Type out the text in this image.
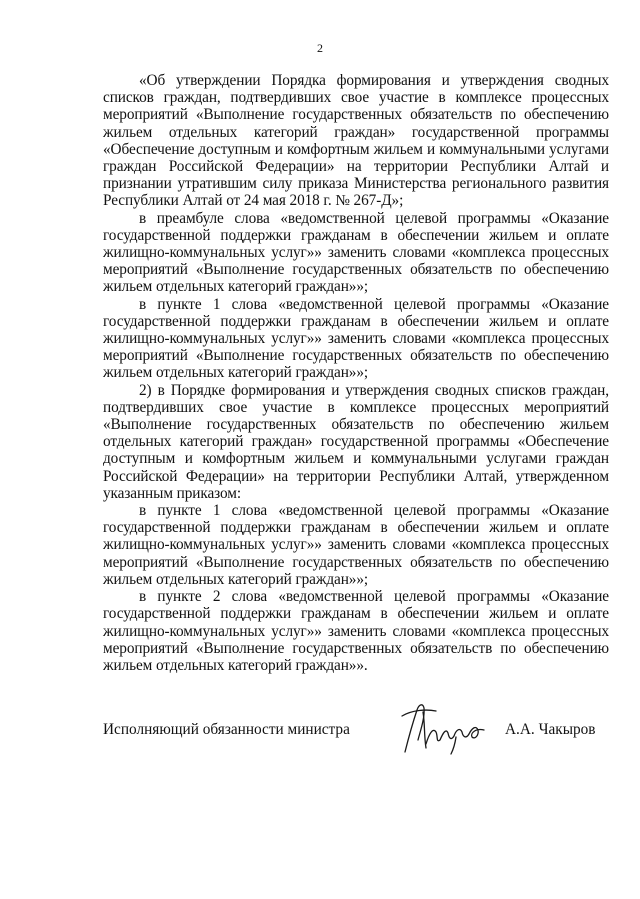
2

«Об утверждении Порядка формирования и утверждения сводных списков граждан, подтвердивших свое участие в комплексе процессных мероприятий «Выполнение государственных обязательств по обеспечению жильем отдельных категорий граждан» государственной программы «Обеспечение доступным и комфортным жильем и коммунальными услугами граждан Российской Федерации» на территории Республики Алтай и признании утратившим силу приказа Министерства регионального развития Республики Алтай от 24 мая 2018 г. № 267-Д»;

в преамбуле слова «ведомственной целевой программы «Оказание государственной поддержки гражданам в обеспечении жильем и оплате жилищно-коммунальных услуг»» заменить словами «комплекса процессных мероприятий «Выполнение государственных обязательств по обеспечению жильем отдельных категорий граждан»»;

в пункте 1 слова «ведомственной целевой программы «Оказание государственной поддержки гражданам в обеспечении жильем и оплате жилищно-коммунальных услуг»» заменить словами «комплекса процессных мероприятий «Выполнение государственных обязательств по обеспечению жильем отдельных категорий граждан»»;

2) в Порядке формирования и утверждения сводных списков граждан, подтвердивших свое участие в комплексе процессных мероприятий «Выполнение государственных обязательств по обеспечению жильем отдельных категорий граждан» государственной программы «Обеспечение доступным и комфортным жильем и коммунальными услугами граждан Российской Федерации» на территории Республики Алтай, утвержденном указанным приказом:

в пункте 1 слова «ведомственной целевой программы «Оказание государственной поддержки гражданам в обеспечении жильем и оплате жилищно-коммунальных услуг»» заменить словами «комплекса процессных мероприятий «Выполнение государственных обязательств по обеспечению жильем отдельных категорий граждан»»;

в пункте 2 слова «ведомственной целевой программы «Оказание государственной поддержки гражданам в обеспечении жильем и оплате жилищно-коммунальных услуг»» заменить словами «комплекса процессных мероприятий «Выполнение государственных обязательств по обеспечению жильем отдельных категорий граждан»».

Исполняющий обязанности министра	А.А. Чакыров
